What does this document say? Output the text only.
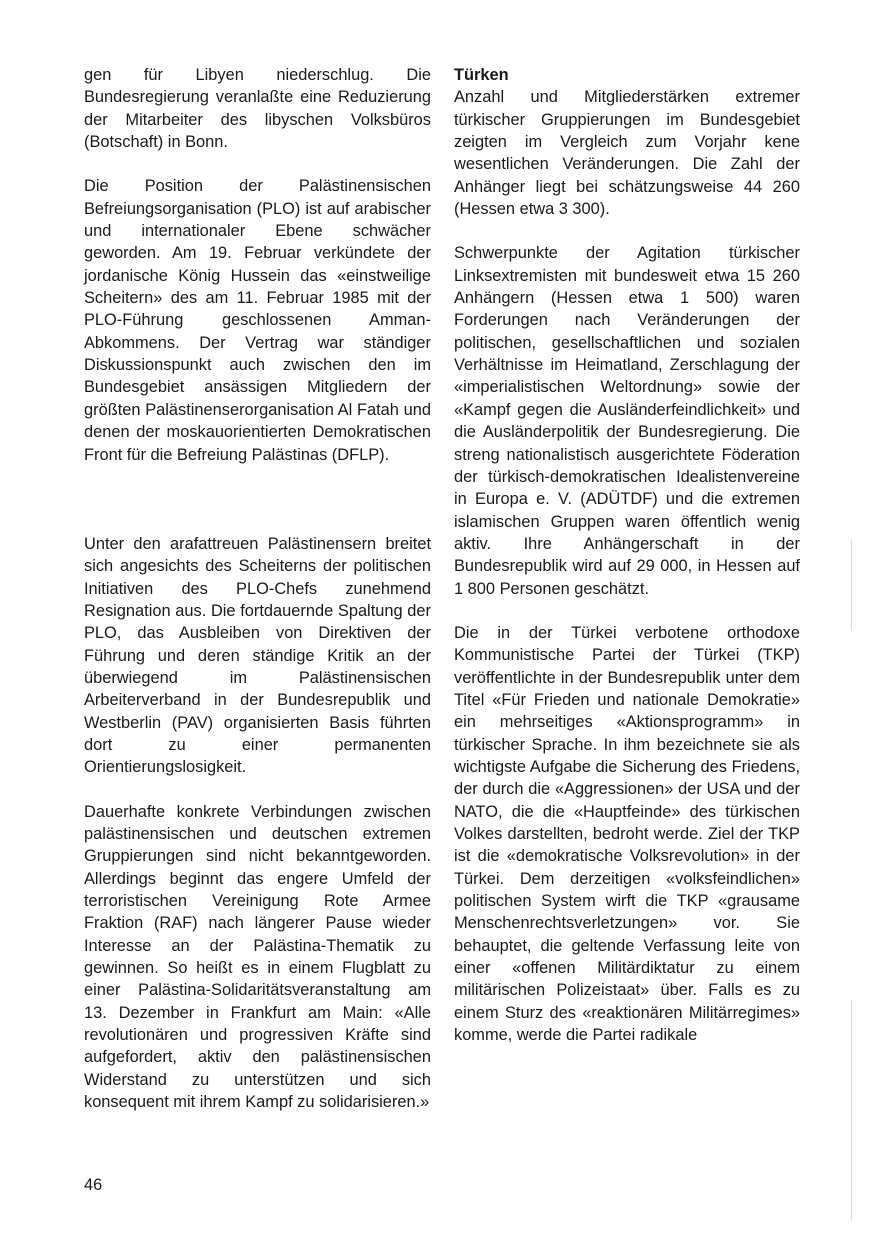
gen für Libyen niederschlug. Die Bundesregierung veranlaßte eine Reduzierung der Mitarbeiter des libyschen Volksbüros (Botschaft) in Bonn.

Die Position der Palästinensischen Befreiungsorganisation (PLO) ist auf arabischer und internationaler Ebene schwächer geworden. Am 19. Februar verkündete der jordanische König Hussein das «einstweilige Scheitern» des am 11. Februar 1985 mit der PLO-Führung geschlossenen Amman-Abkommens. Der Vertrag war ständiger Diskussionspunkt auch zwischen den im Bundesgebiet ansässigen Mitgliedern der größten Palästinenserorganisation Al Fatah und denen der moskauorientierten Demokratischen Front für die Befreiung Palästinas (DFLP).

Unter den arafattreuen Palästinensern breitet sich angesichts des Scheiterns der politischen Initiativen des PLO-Chefs zunehmend Resignation aus. Die fortdauernde Spaltung der PLO, das Ausbleiben von Direktiven der Führung und deren ständige Kritik an der überwiegend im Palästinensischen Arbeiterverband in der Bundesrepublik und Westberlin (PAV) organisierten Basis führten dort zu einer permanenten Orientierungslosigkeit.

Dauerhafte konkrete Verbindungen zwischen palästinensischen und deutschen extremen Gruppierungen sind nicht bekanntgeworden. Allerdings beginnt das engere Umfeld der terroristischen Vereinigung Rote Armee Fraktion (RAF) nach längerer Pause wieder Interesse an der Palästina-Thematik zu gewinnen. So heißt es in einem Flugblatt zu einer Palästina-Solidaritätsveranstaltung am 13. Dezember in Frankfurt am Main: «Alle revolutionären und progressiven Kräfte sind aufgefordert, aktiv den palästinensischen Widerstand zu unterstützen und sich konsequent mit ihrem Kampf zu solidarisieren.»

Türken

Anzahl und Mitgliederstärken extremer türkischer Gruppierungen im Bundesgebiet zeigten im Vergleich zum Vorjahr kene wesentlichen Veränderungen. Die Zahl der Anhänger liegt bei schätzungsweise 44 260 (Hessen etwa 3 300).

Schwerpunkte der Agitation türkischer Linksextremisten mit bundesweit etwa 15 260 Anhängern (Hessen etwa 1 500) waren Forderungen nach Veränderungen der politischen, gesellschaftlichen und sozialen Verhältnisse im Heimatland, Zerschlagung der «imperialistischen Weltordnung» sowie der «Kampf gegen die Ausländerfeindlichkeit» und die Ausländerpolitik der Bundesregierung. Die streng nationalistisch ausgerichtete Föderation der türkisch-demokratischen Idealistenvereine in Europa e. V. (ADÜTDF) und die extremen islamischen Gruppen waren öffentlich wenig aktiv. Ihre Anhängerschaft in der Bundesrepublik wird auf 29 000, in Hessen auf 1 800 Personen geschätzt.

Die in der Türkei verbotene orthodoxe Kommunistische Partei der Türkei (TKP) veröffentlichte in der Bundesrepublik unter dem Titel «Für Frieden und nationale Demokratie» ein mehrseitiges «Aktionsprogramm» in türkischer Sprache. In ihm bezeichnete sie als wichtigste Aufgabe die Sicherung des Friedens, der durch die «Aggressionen» der USA und der NATO, die die «Hauptfeinde» des türkischen Volkes darstellten, bedroht werde. Ziel der TKP ist die «demokratische Volksrevolution» in der Türkei. Dem derzeitigen «volksfeindlichen» politischen System wirft die TKP «grausame Menschenrechtsverletzungen» vor. Sie behauptet, die geltende Verfassung leite von einer «offenen Militärdiktatur zu einem militärischen Polizeistaat» über. Falls es zu einem Sturz des «reaktionären Militärregimes» komme, werde die Partei radikale

46
